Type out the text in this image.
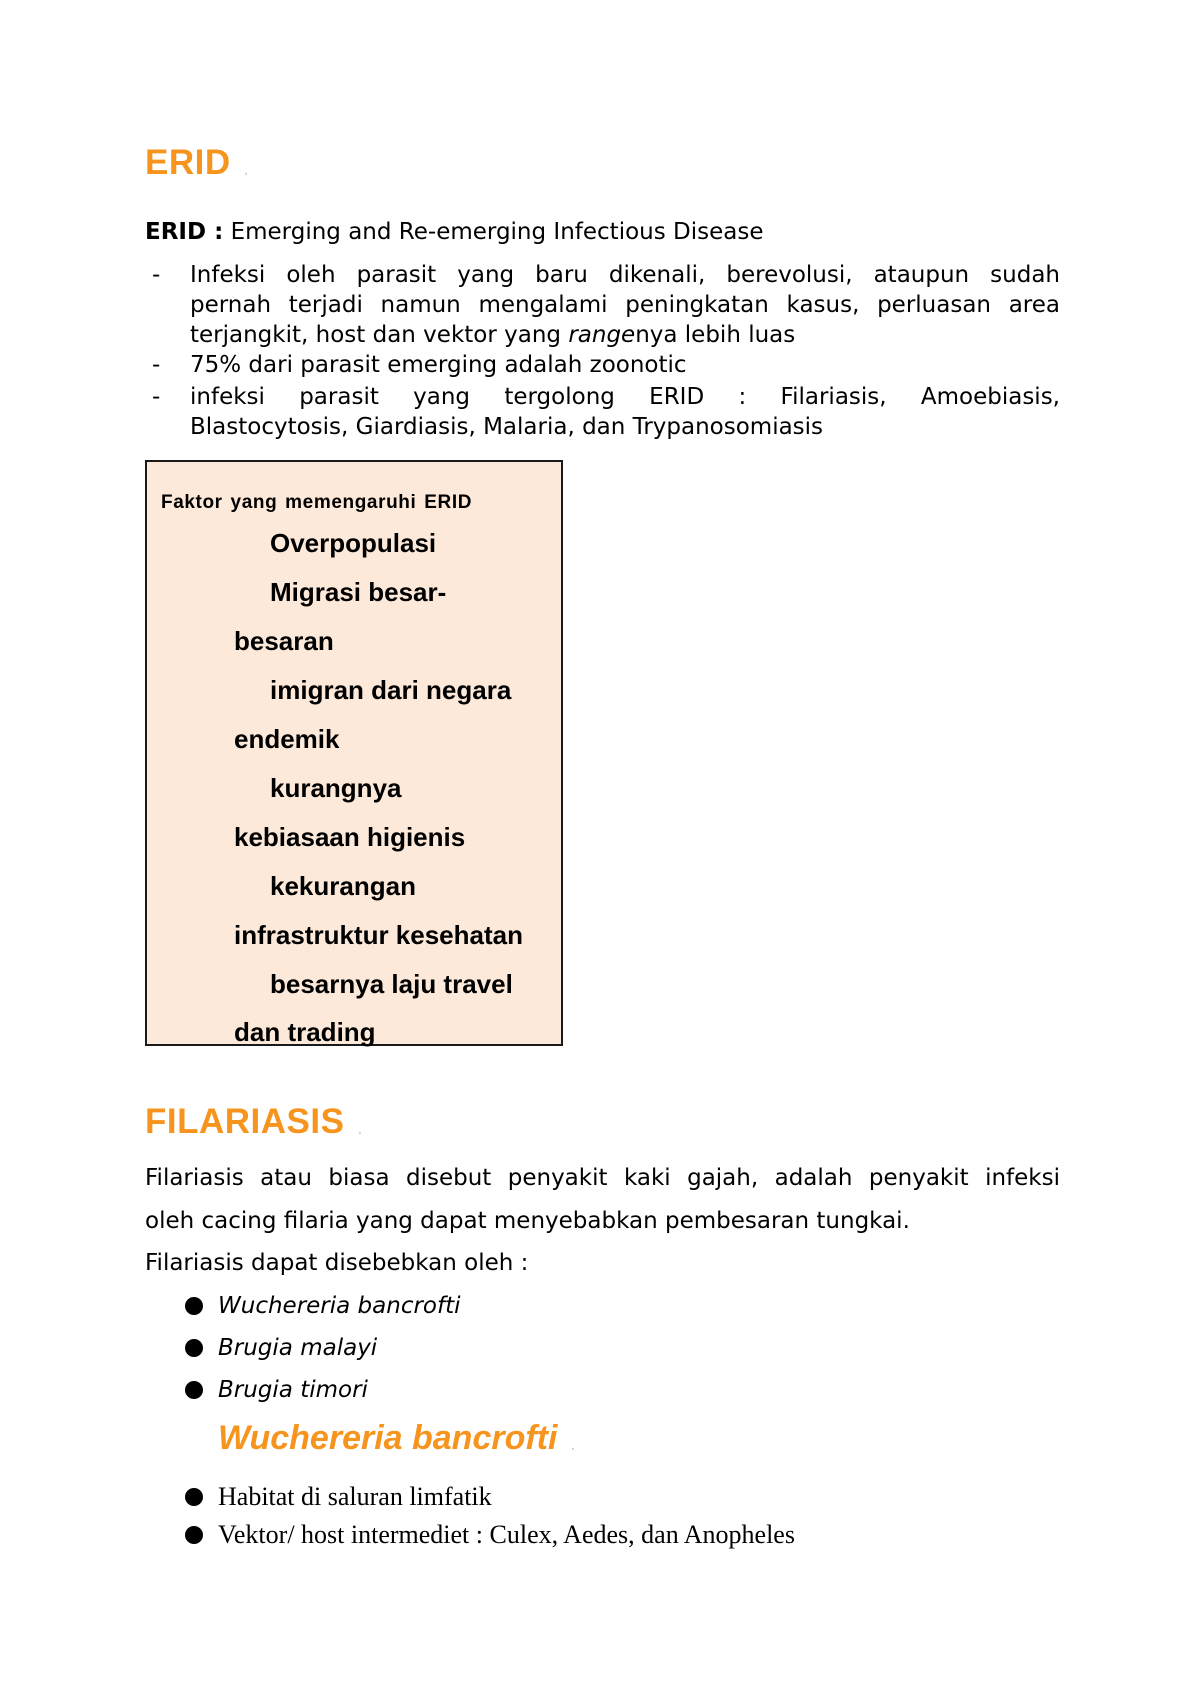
ERID ,
ERID : Emerging and Re-emerging Infectious Disease
- Infeksi oleh parasit yang baru dikenali, berevolusi, ataupun sudah
pernah terjadi namun mengalami peningkatan kasus, perluasan area
terjangkit, host dan vektor yang rangenya lebih luas
- 75% dari parasit emerging adalah zoonotic
- infeksi parasit yang tergolong ERID : Filariasis, Amoebiasis,
Blastocytosis, Giardiasis, Malaria, dan Trypanosomiasis
Faktor yang memengaruhi ERID
Overpopulasi
Migrasi besar-
besaran
imigran dari negara
endemik
kurangnya
kebiasaan higienis
kekurangan
infrastruktur kesehatan
besarnya laju travel
dan trading
FILARIASIS ,
Filariasis atau biasa disebut penyakit kaki gajah, adalah penyakit infeksi
oleh cacing filaria yang dapat menyebabkan pembesaran tungkai.
Filariasis dapat disebebkan oleh :
Wuchereria bancrofti
Brugia malayi
Brugia timori
Wuchereria bancrofti ,
Habitat di saluran limfatik
Vektor/ host intermediet : Culex, Aedes, dan Anopheles
